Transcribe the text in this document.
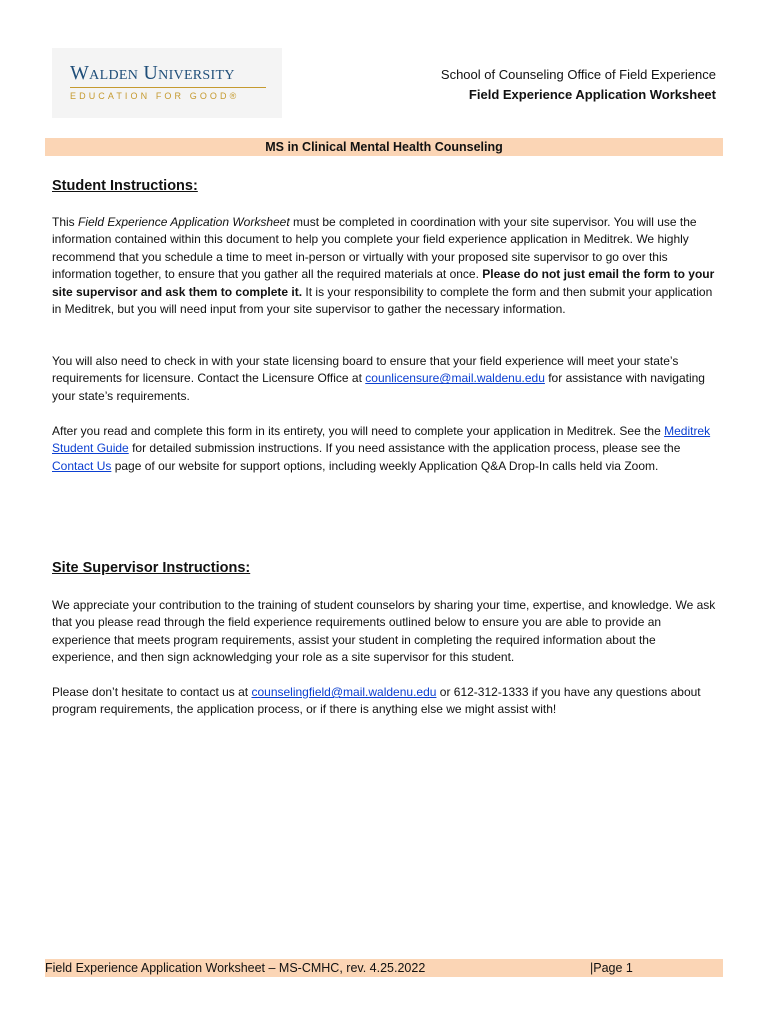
Walden University
EDUCATION FOR GOOD®
School of Counseling Office of Field Experience
Field Experience Application Worksheet
MS in Clinical Mental Health Counseling
Student Instructions:

This Field Experience Application Worksheet must be completed in coordination with your site supervisor. You will use the information contained within this document to help you complete your field experience application in Meditrek. We highly recommend that you schedule a time to meet in-person or virtually with your proposed site supervisor to go over this information together, to ensure that you gather all the required materials at once. Please do not just email the form to your site supervisor and ask them to complete it. It is your responsibility to complete the form and then submit your application in Meditrek, but you will need input from your site supervisor to gather the necessary information.

You will also need to check in with your state licensing board to ensure that your field experience will meet your state’s requirements for licensure. Contact the Licensure Office at counlicensure@mail.waldenu.edu for assistance with navigating your state’s requirements.

After you read and complete this form in its entirety, you will need to complete your application in Meditrek. See the Meditrek Student Guide for detailed submission instructions. If you need assistance with the application process, please see the Contact Us page of our website for support options, including weekly Application Q&A Drop-In calls held via Zoom.

Site Supervisor Instructions:

We appreciate your contribution to the training of student counselors by sharing your time, expertise, and knowledge. We ask that you please read through the field experience requirements outlined below to ensure you are able to provide an experience that meets program requirements, assist your student in completing the required information about the experience, and then sign acknowledging your role as a site supervisor for this student.

Please don’t hesitate to contact us at counselingfield@mail.waldenu.edu or 612-312-1333 if you have any questions about program requirements, the application process, or if there is anything else we might assist with!

Field Experience Application Worksheet – MS-CMHC, rev. 4.25.2022	|Page 1
